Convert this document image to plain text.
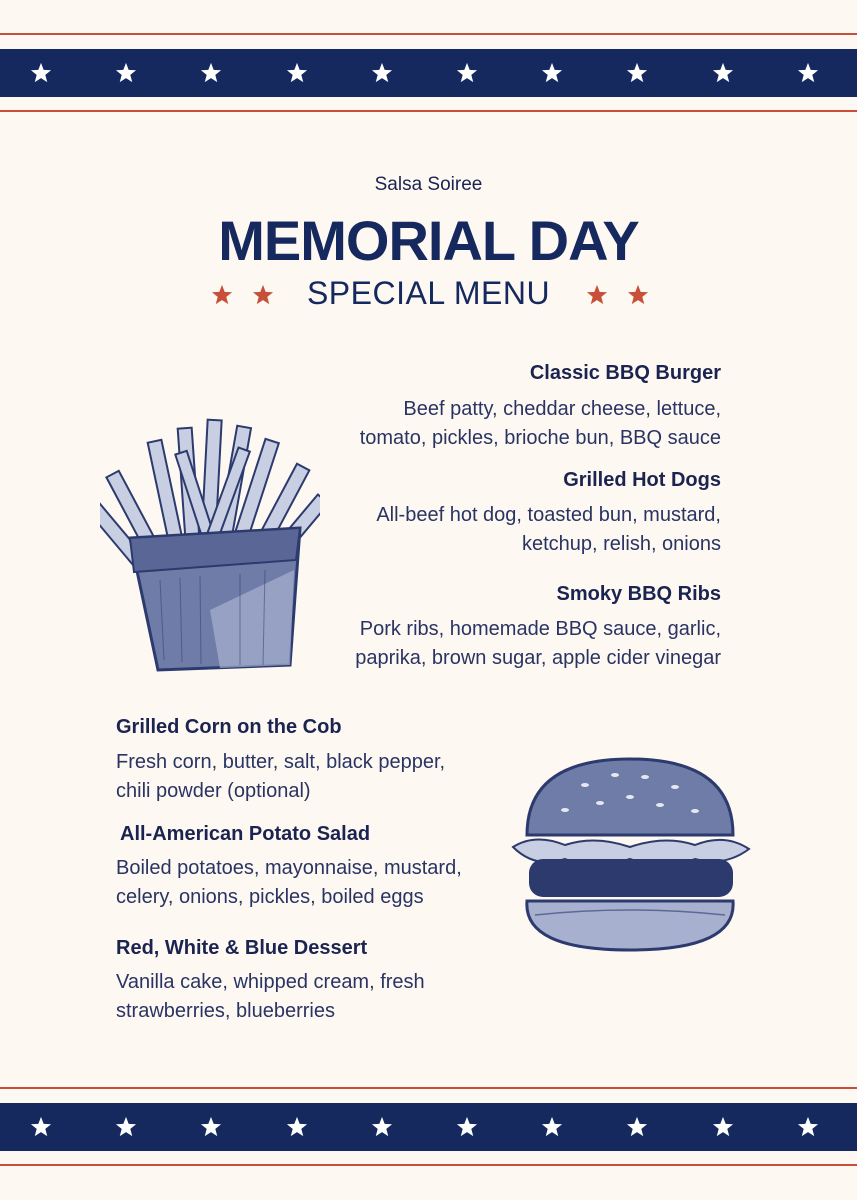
Salsa Soiree
MEMORIAL DAY
SPECIAL MENU
Classic BBQ Burger
Beef patty, cheddar cheese, lettuce,
tomato, pickles, brioche bun, BBQ sauce
Grilled Hot Dogs
All-beef hot dog, toasted bun, mustard,
ketchup, relish, onions
Smoky BBQ Ribs
Pork ribs, homemade BBQ sauce, garlic,
paprika, brown sugar, apple cider vinegar
Grilled Corn on the Cob
Fresh corn, butter, salt, black pepper,
chili powder (optional)
All-American Potato Salad
Boiled potatoes, mayonnaise, mustard,
celery, onions, pickles, boiled eggs
Red, White & Blue Dessert
Vanilla cake, whipped cream, fresh
strawberries, blueberries
